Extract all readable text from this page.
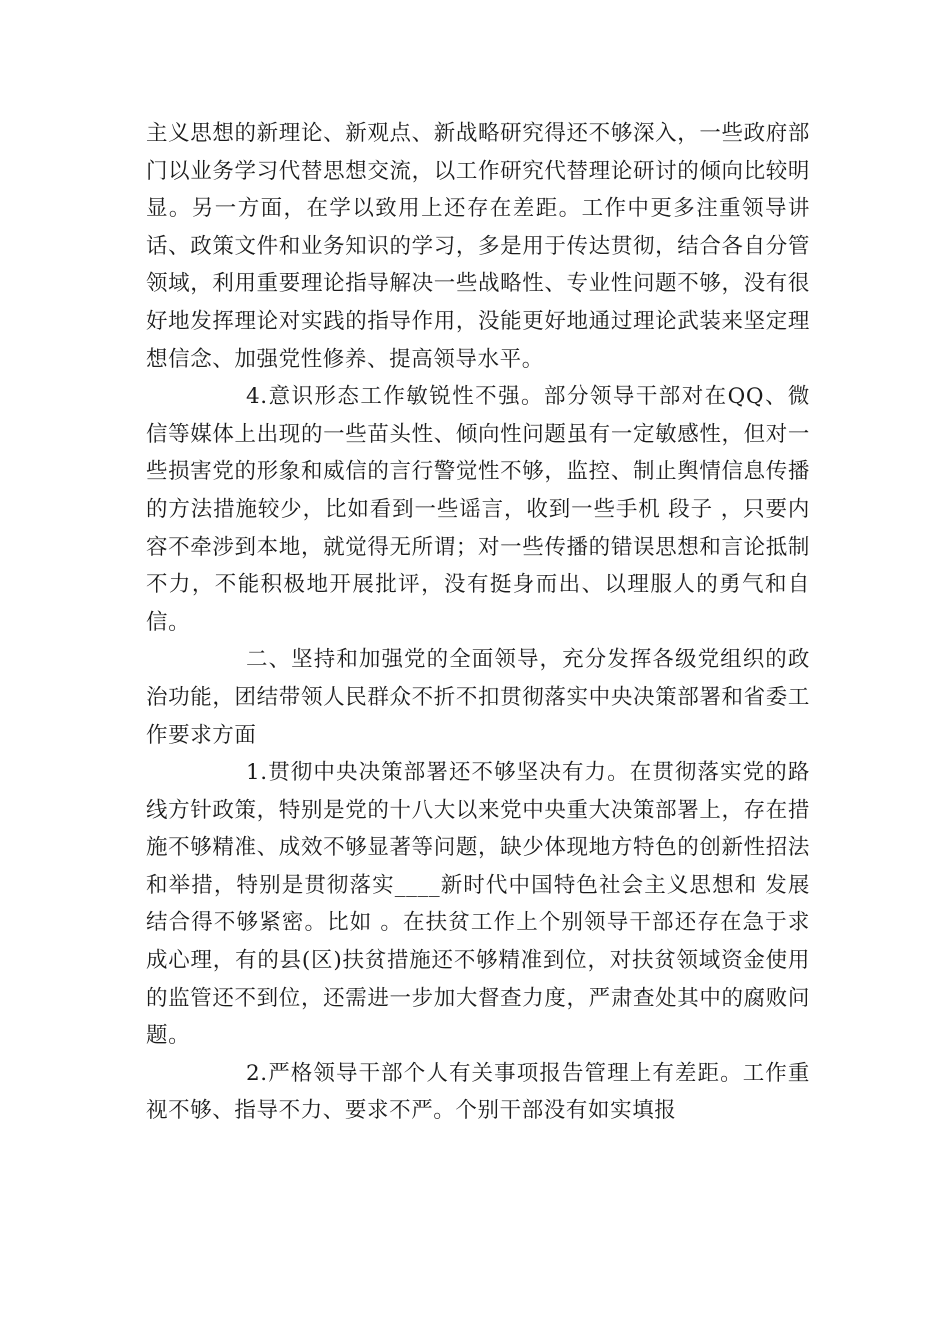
主义思想的新理论、新观点、新战略研究得还不够深入，一些政府部门以业务学习代替思想交流，以工作研究代替理论研讨的倾向比较明显。另一方面，在学以致用上还存在差距。工作中更多注重领导讲话、政策文件和业务知识的学习，多是用于传达贯彻，结合各自分管领域，利用重要理论指导解决一些战略性、专业性问题不够，没有很好地发挥理论对实践的指导作用，没能更好地通过理论武装来坚定理想信念、加强党性修养、提高领导水平。

4.意识形态工作敏锐性不强。部分领导干部对在QQ、微信等媒体上出现的一些苗头性、倾向性问题虽有一定敏感性，但对一些损害党的形象和威信的言行警觉性不够，监控、制止舆情信息传播的方法措施较少，比如看到一些谣言，收到一些手机 段子 ，只要内容不牵涉到本地，就觉得无所谓；对一些传播的错误思想和言论抵制不力，不能积极地开展批评，没有挺身而出、以理服人的勇气和自信。

二、坚持和加强党的全面领导，充分发挥各级党组织的政治功能，团结带领人民群众不折不扣贯彻落实中央决策部署和省委工作要求方面

1.贯彻中央决策部署还不够坚决有力。在贯彻落实党的路线方针政策，特别是党的十八大以来党中央重大决策部署上，存在措施不够精准、成效不够显著等问题，缺少体现地方特色的创新性招法和举措，特别是贯彻落实____新时代中国特色社会主义思想和 发展结合得不够紧密。比如 。在扶贫工作上个别领导干部还存在急于求成心理，有的县(区)扶贫措施还不够精准到位，对扶贫领域资金使用的监管还不到位，还需进一步加大督查力度，严肃查处其中的腐败问题。

2.严格领导干部个人有关事项报告管理上有差距。工作重视不够、指导不力、要求不严。个别干部没有如实填报
